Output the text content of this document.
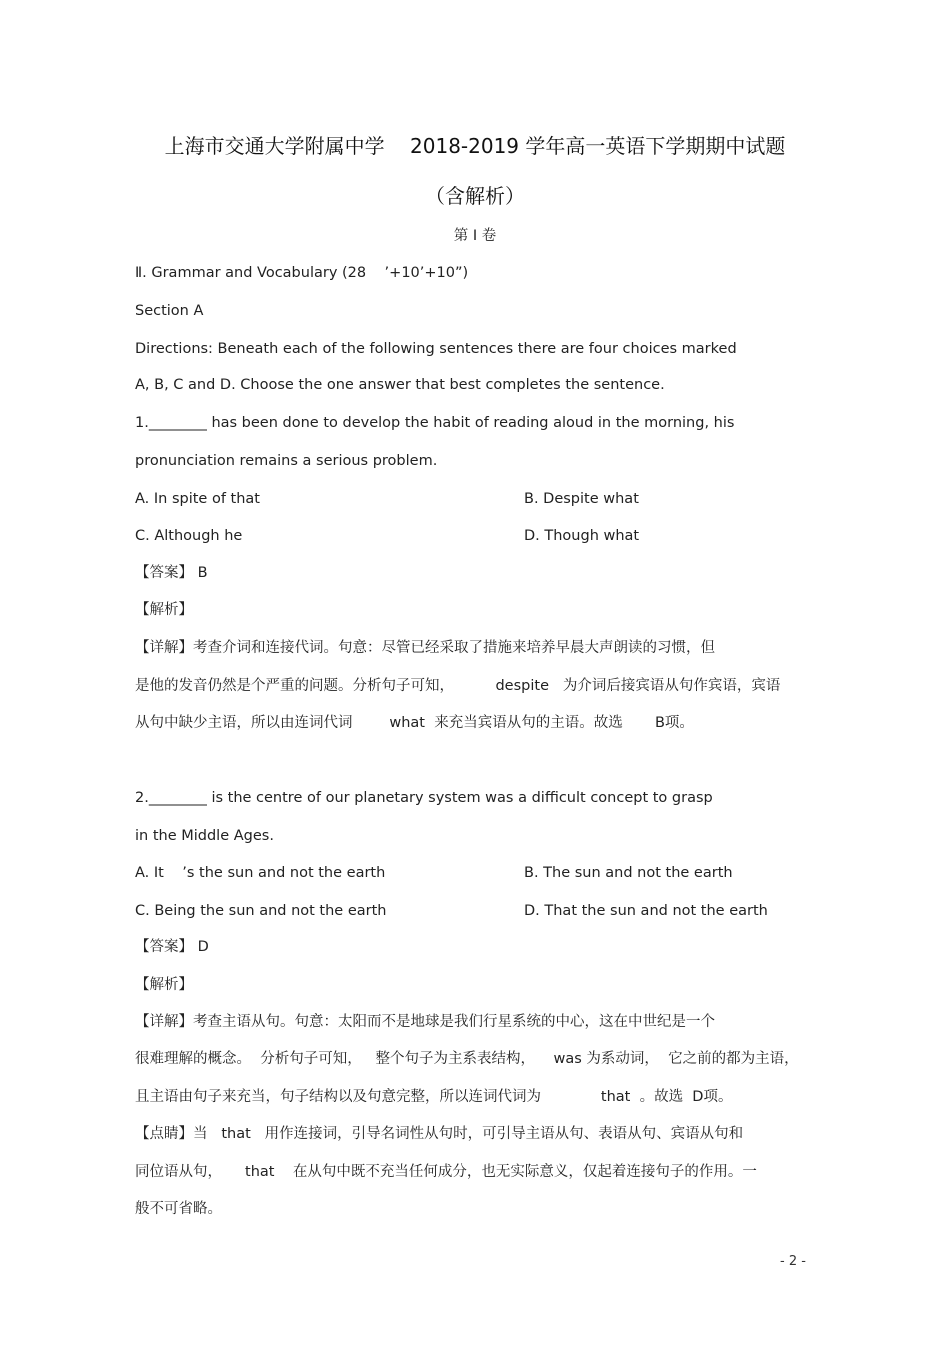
上海市交通大学附属中学    2018-2019 学年高一英语下学期期中试题
（含解析）
第 I 卷
Ⅱ. Grammar and Vocabulary (28    ’+10’+10”)
Section A
Directions: Beneath each of the following sentences there are four choices marked
A, B, C and D. Choose the one answer that best completes the sentence.
1.________ has been done to develop the habit of reading aloud in the morning, his
pronunciation remains a serious problem.
A. In spite of that	B. Despite what
C. Although he	D. Though what
【答案】 B
【解析】
【详解】考查介词和连接代词。句意：尽管已经采取了措施来培养早晨大声朗读的习惯，但
是他的发音仍然是个严重的问题。分析句子可知，         despite   为介词后接宾语从句作宾语，宾语
从句中缺少主语，所以由连词代词        what  来充当宾语从句的主语。故选       B项。
2.________ is the centre of our planetary system was a difficult concept to grasp
in the Middle Ages.
A. It    ’s the sun and not the earth	B. The sun and not the earth
C. Being the sun and not the earth	D. That the sun and not the earth
【答案】 D
【解析】
【详解】考查主语从句。句意：太阳而不是地球是我们行星系统的中心，这在中世纪是一个
很难理解的概念。  分析句子可知，   整个句子为主系表结构，    was 为系动词，  它之前的都为主语，
且主语由句子来充当，句子结构以及句意完整，所以连词代词为             that  。故选  D项。
【点睛】当   that   用作连接词，引导名词性从句时，可引导主语从句、表语从句、宾语从句和
同位语从句，     that    在从句中既不充当任何成分，也无实际意义，仅起着连接句子的作用。一
般不可省略。
- 2 -
